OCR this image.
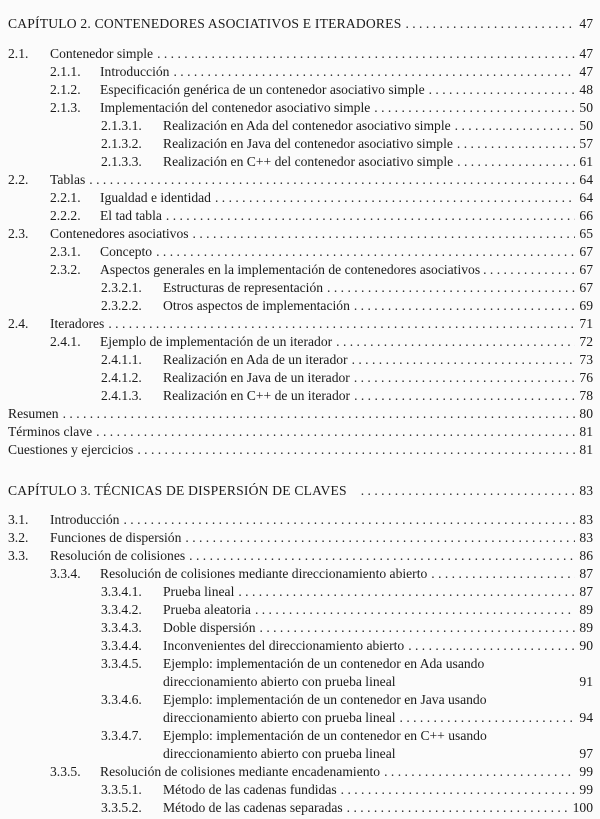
CAPÍTULO 2. CONTENEDORES ASOCIATIVOS E ITERADORES . . .	47
2.1. Contenedor simple . . .	47
2.1.1. Introducción . . .	47
2.1.2. Especificación genérica de un contenedor asociativo simple . . .	48
2.1.3. Implementación del contenedor asociativo simple . . .	50
2.1.3.1. Realización en Ada del contenedor asociativo simple . . .	50
2.1.3.2. Realización en Java del contenedor asociativo simple . . .	57
2.1.3.3. Realización en C++ del contenedor asociativo simple . . .	61
2.2. Tablas . . .	64
2.2.1. Igualdad e identidad . . .	64
2.2.2. El tad tabla . . .	66
2.3. Contenedores asociativos . . .	65
2.3.1. Concepto . . .	67
2.3.2. Aspectos generales en la implementación de contenedores asociativos . . .	67
2.3.2.1. Estructuras de representación . . .	67
2.3.2.2. Otros aspectos de implementación . . .	69
2.4. Iteradores . . .	71
2.4.1. Ejemplo de implementación de un iterador . . .	72
2.4.1.1. Realización en Ada de un iterador . . .	73
2.4.1.2. Realización en Java de un iterador . . .	76
2.4.1.3. Realización en C++ de un iterador . . .	78
Resumen . . .	80
Términos clave . . .	81
Cuestiones y ejercicios . . .	81
CAPÍTULO 3. TÉCNICAS DE DISPERSIÓN DE CLAVES . . .	83
3.1. Introducción . . .	83
3.2. Funciones de dispersión . . .	83
3.3. Resolución de colisiones . . .	86
3.3.4. Resolución de colisiones mediante direccionamiento abierto . . .	87
3.3.4.1. Prueba lineal . . .	87
3.3.4.2. Prueba aleatoria . . .	89
3.3.4.3. Doble dispersión . . .	89
3.3.4.4. Inconvenientes del direccionamiento abierto . . .	90
3.3.4.5. Ejemplo: implementación de un contenedor en Ada usando
direccionamiento abierto con prueba lineal	91
3.3.4.6. Ejemplo: implementación de un contenedor en Java usando
direccionamiento abierto con prueba lineal . . .	94
3.3.4.7. Ejemplo: implementación de un contenedor en C++ usando
direccionamiento abierto con prueba lineal	97
3.3.5. Resolución de colisiones mediante encadenamiento . . .	99
3.3.5.1. Método de las cadenas fundidas . . .	99
3.3.5.2. Método de las cadenas separadas . . .	100
